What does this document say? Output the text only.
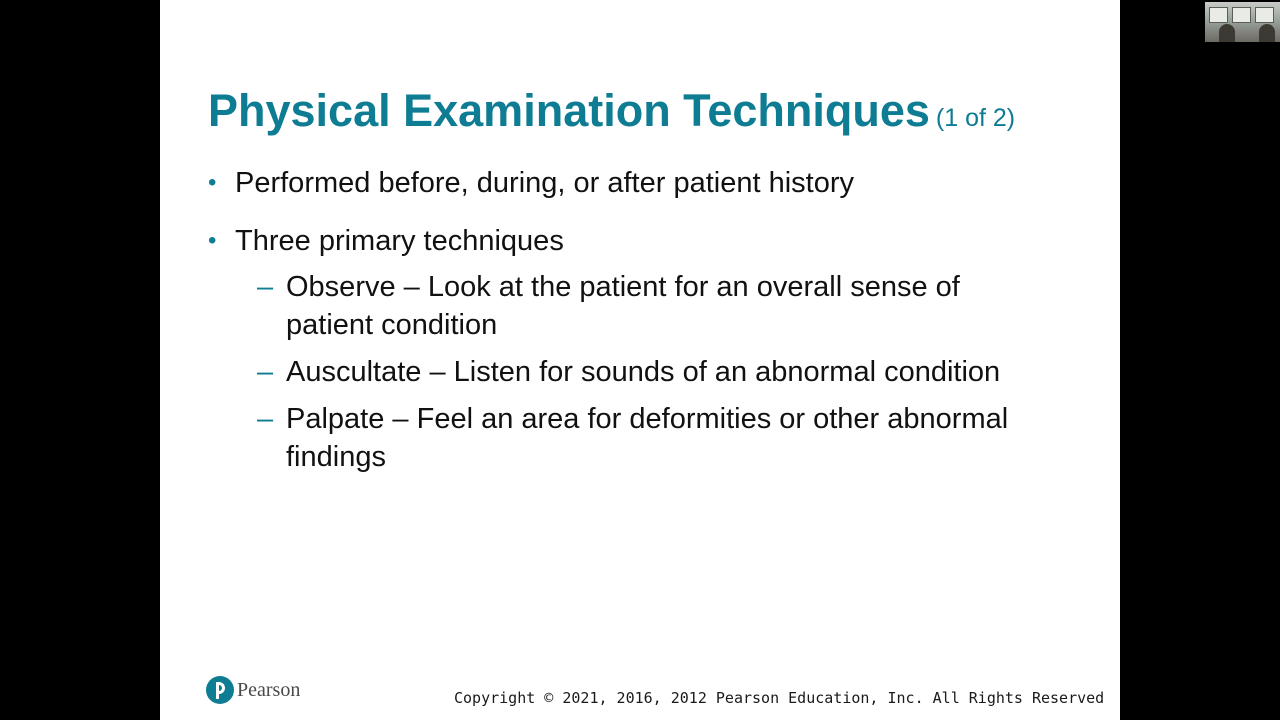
Physical Examination Techniques (1 of 2)
• Performed before, during, or after patient history
• Three primary techniques
– Observe – Look at the patient for an overall sense of patient condition
– Auscultate – Listen for sounds of an abnormal condition
– Palpate – Feel an area for deformities or other abnormal findings
Pearson	Copyright © 2021, 2016, 2012 Pearson Education, Inc. All Rights Reserved
